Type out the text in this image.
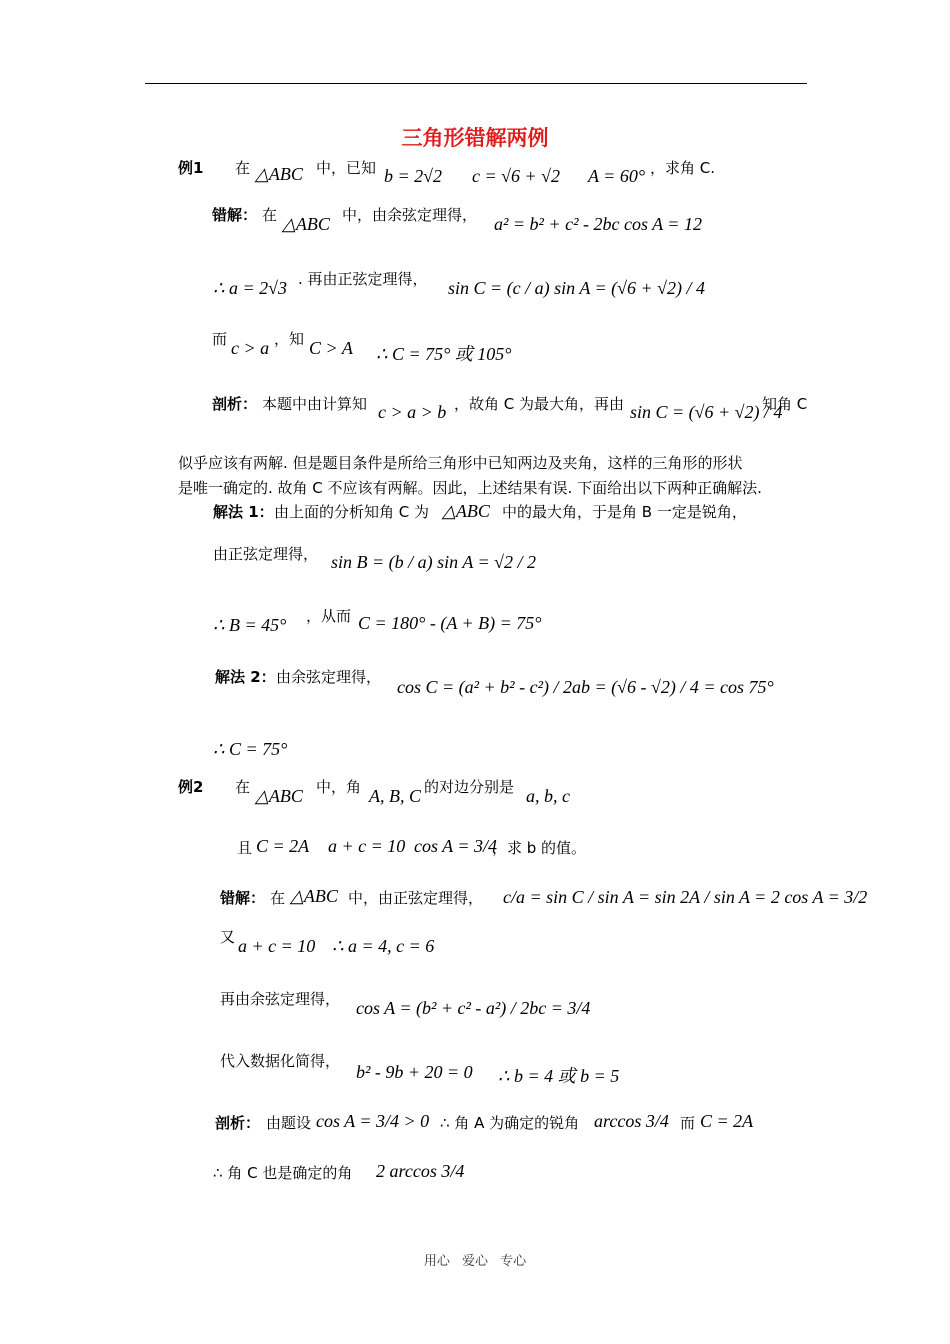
三角形错解两例
例1 在 △ABC 中，已知 b = 2√2 c = √6 + √2 A = 60° ，求角 C.
错解： 在 △ABC 中，由余弦定理得， a² = b² + c² - 2bc cos A = 12
∴ a = 2√3 . 再由正弦定理得， sin C = (c / a) sin A = (√6 + √2) / 4
而 c > a ，知 C > A ∴ C = 75° 或 105°
剖析： 本题中由计算知 c > a > b ，故角 C 为最大角，再由 sin C = (√6 + √2) / 4
知角 C
似乎应该有两解. 但是题目条件是所给三角形中已知两边及夹角，这样的三角形的形状
是唯一确定的. 故角 C 不应该有两解。因此，上述结果有误. 下面给出以下两种正确解法.
解法 1： 由上面的分析知角 C 为 △ABC 中的最大角，于是角 B 一定是锐角，
由正弦定理得， sin B = (b / a) sin A = √2 / 2
∴ B = 45° ，从而 C = 180° - (A + B) = 75°
解法 2： 由余弦定理得， cos C = (a² + b² - c²) / 2ab = (√6 - √2) / 4 = cos 75°
∴ C = 75°
例2 在 △ABC 中，角 A, B, C 的对边分别是 a, b, c
且 C = 2A a + c = 10 cos A = 3/4
，求 b 的值。
错解： 在 △ABC 中，由正弦定理得， c/a = sin C / sin A = sin 2A / sin A = 2 cos A = 3/2
又 a + c = 10 ∴ a = 4, c = 6
再由余弦定理得， cos A = (b² + c² - a²) / 2bc = 3/4
代入数据化简得，
b² - 9b + 20 = 0 ∴ b = 4 或 b = 5
剖析： 由题设 cos A = 3/4 > 0 ∴ 角 A 为确定的锐角 arccos 3/4 而 C = 2A
∴ 角 C 也是确定的角 2 arccos 3/4
用心 爱心 专心
